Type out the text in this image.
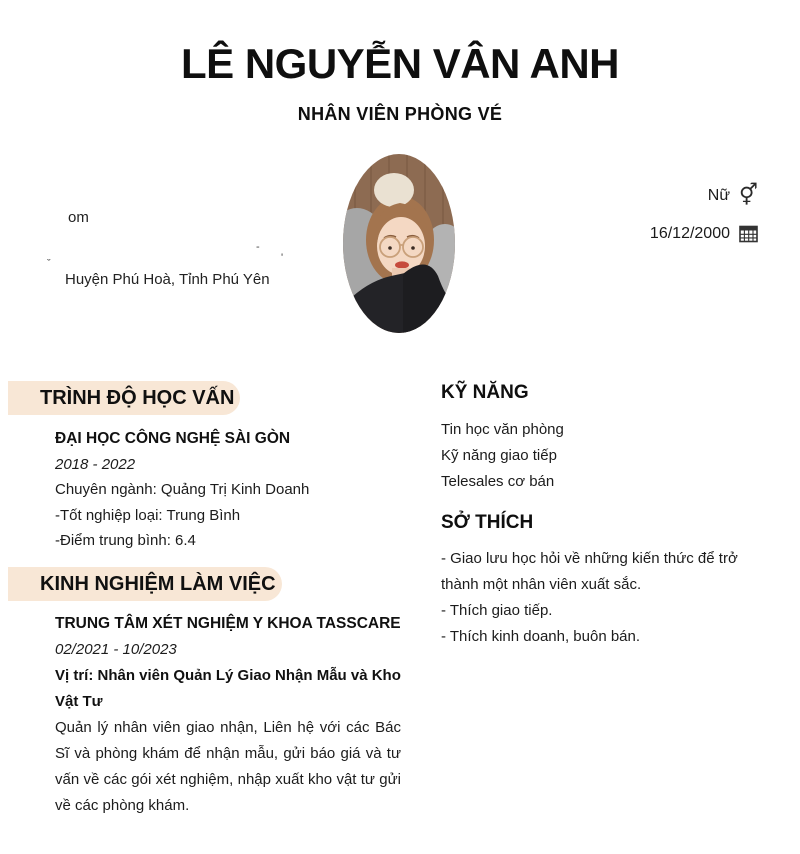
LÊ NGUYỄN VÂN ANH
NHÂN VIÊN PHÒNG VÉ
om
ˇ
-
'
Huyện Phú Hoà, Tỉnh Phú Yên
Nữ ⚥
16/12/2000
TRÌNH ĐỘ HỌC VẤN
ĐẠI HỌC CÔNG NGHỆ SÀI GÒN
2018 - 2022
Chuyên ngành: Quảng Trị Kinh Doanh
-Tốt nghiệp loại: Trung Bình
-Điểm trung bình: 6.4
KINH NGHIỆM LÀM VIỆC
TRUNG TÂM XÉT NGHIỆM Y KHOA TASSCARE
02/2021 - 10/2023
Vị trí: Nhân viên Quản Lý Giao Nhận Mẫu và Kho Vật Tư
Quản lý nhân viên giao nhận, Liên hệ với các Bác Sĩ và phòng khám để nhận mẫu, gửi báo giá và tư vấn về các gói xét nghiệm, nhập xuất kho vật tư gửi về các phòng khám.
KỸ NĂNG
Tin học văn phòng
Kỹ năng giao tiếp
Telesales cơ bán
SỞ THÍCH
- Giao lưu học hỏi về những kiến thức để trở thành một nhân viên xuất sắc.
- Thích giao tiếp.
- Thích kinh doanh, buôn bán.
